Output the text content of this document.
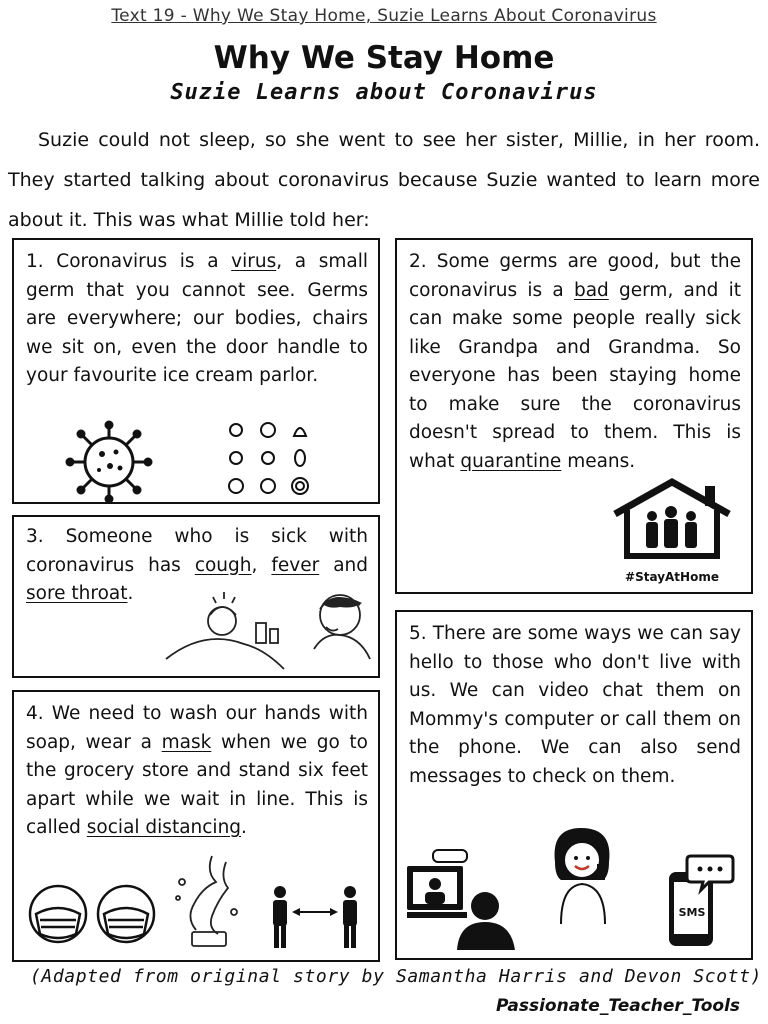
Text 19 - Why We Stay Home, Suzie Learns About Coronavirus
Why We Stay Home
Suzie Learns about Coronavirus
Suzie could not sleep, so she went to see her sister, Millie, in her room. They started talking about coronavirus because Suzie wanted to learn more about it. This was what Millie told her:
1. Coronavirus is a virus, a small germ that you cannot see. Germs are everywhere; our bodies, chairs we sit on, even the door handle to your favourite ice cream parlor.
2. Some germs are good, but the coronavirus is a bad germ, and it can make some people really sick like Grandpa and Grandma. So everyone has been staying home to make sure the coronavirus doesn't spread to them. This is what quarantine means.
#StayAtHome
3. Someone who is sick with coronavirus has cough, fever and sore throat.
4. We need to wash our hands with soap, wear a mask when we go to the grocery store and stand six feet apart while we wait in line. This is called social distancing.
5. There are some ways we can say hello to those who don't live with us. We can video chat them on Mommy's computer or call them on the phone. We can also send messages to check on them.
SMS
(Adapted from original story by Samantha Harris and Devon Scott)
Passionate_Teacher_Tools
